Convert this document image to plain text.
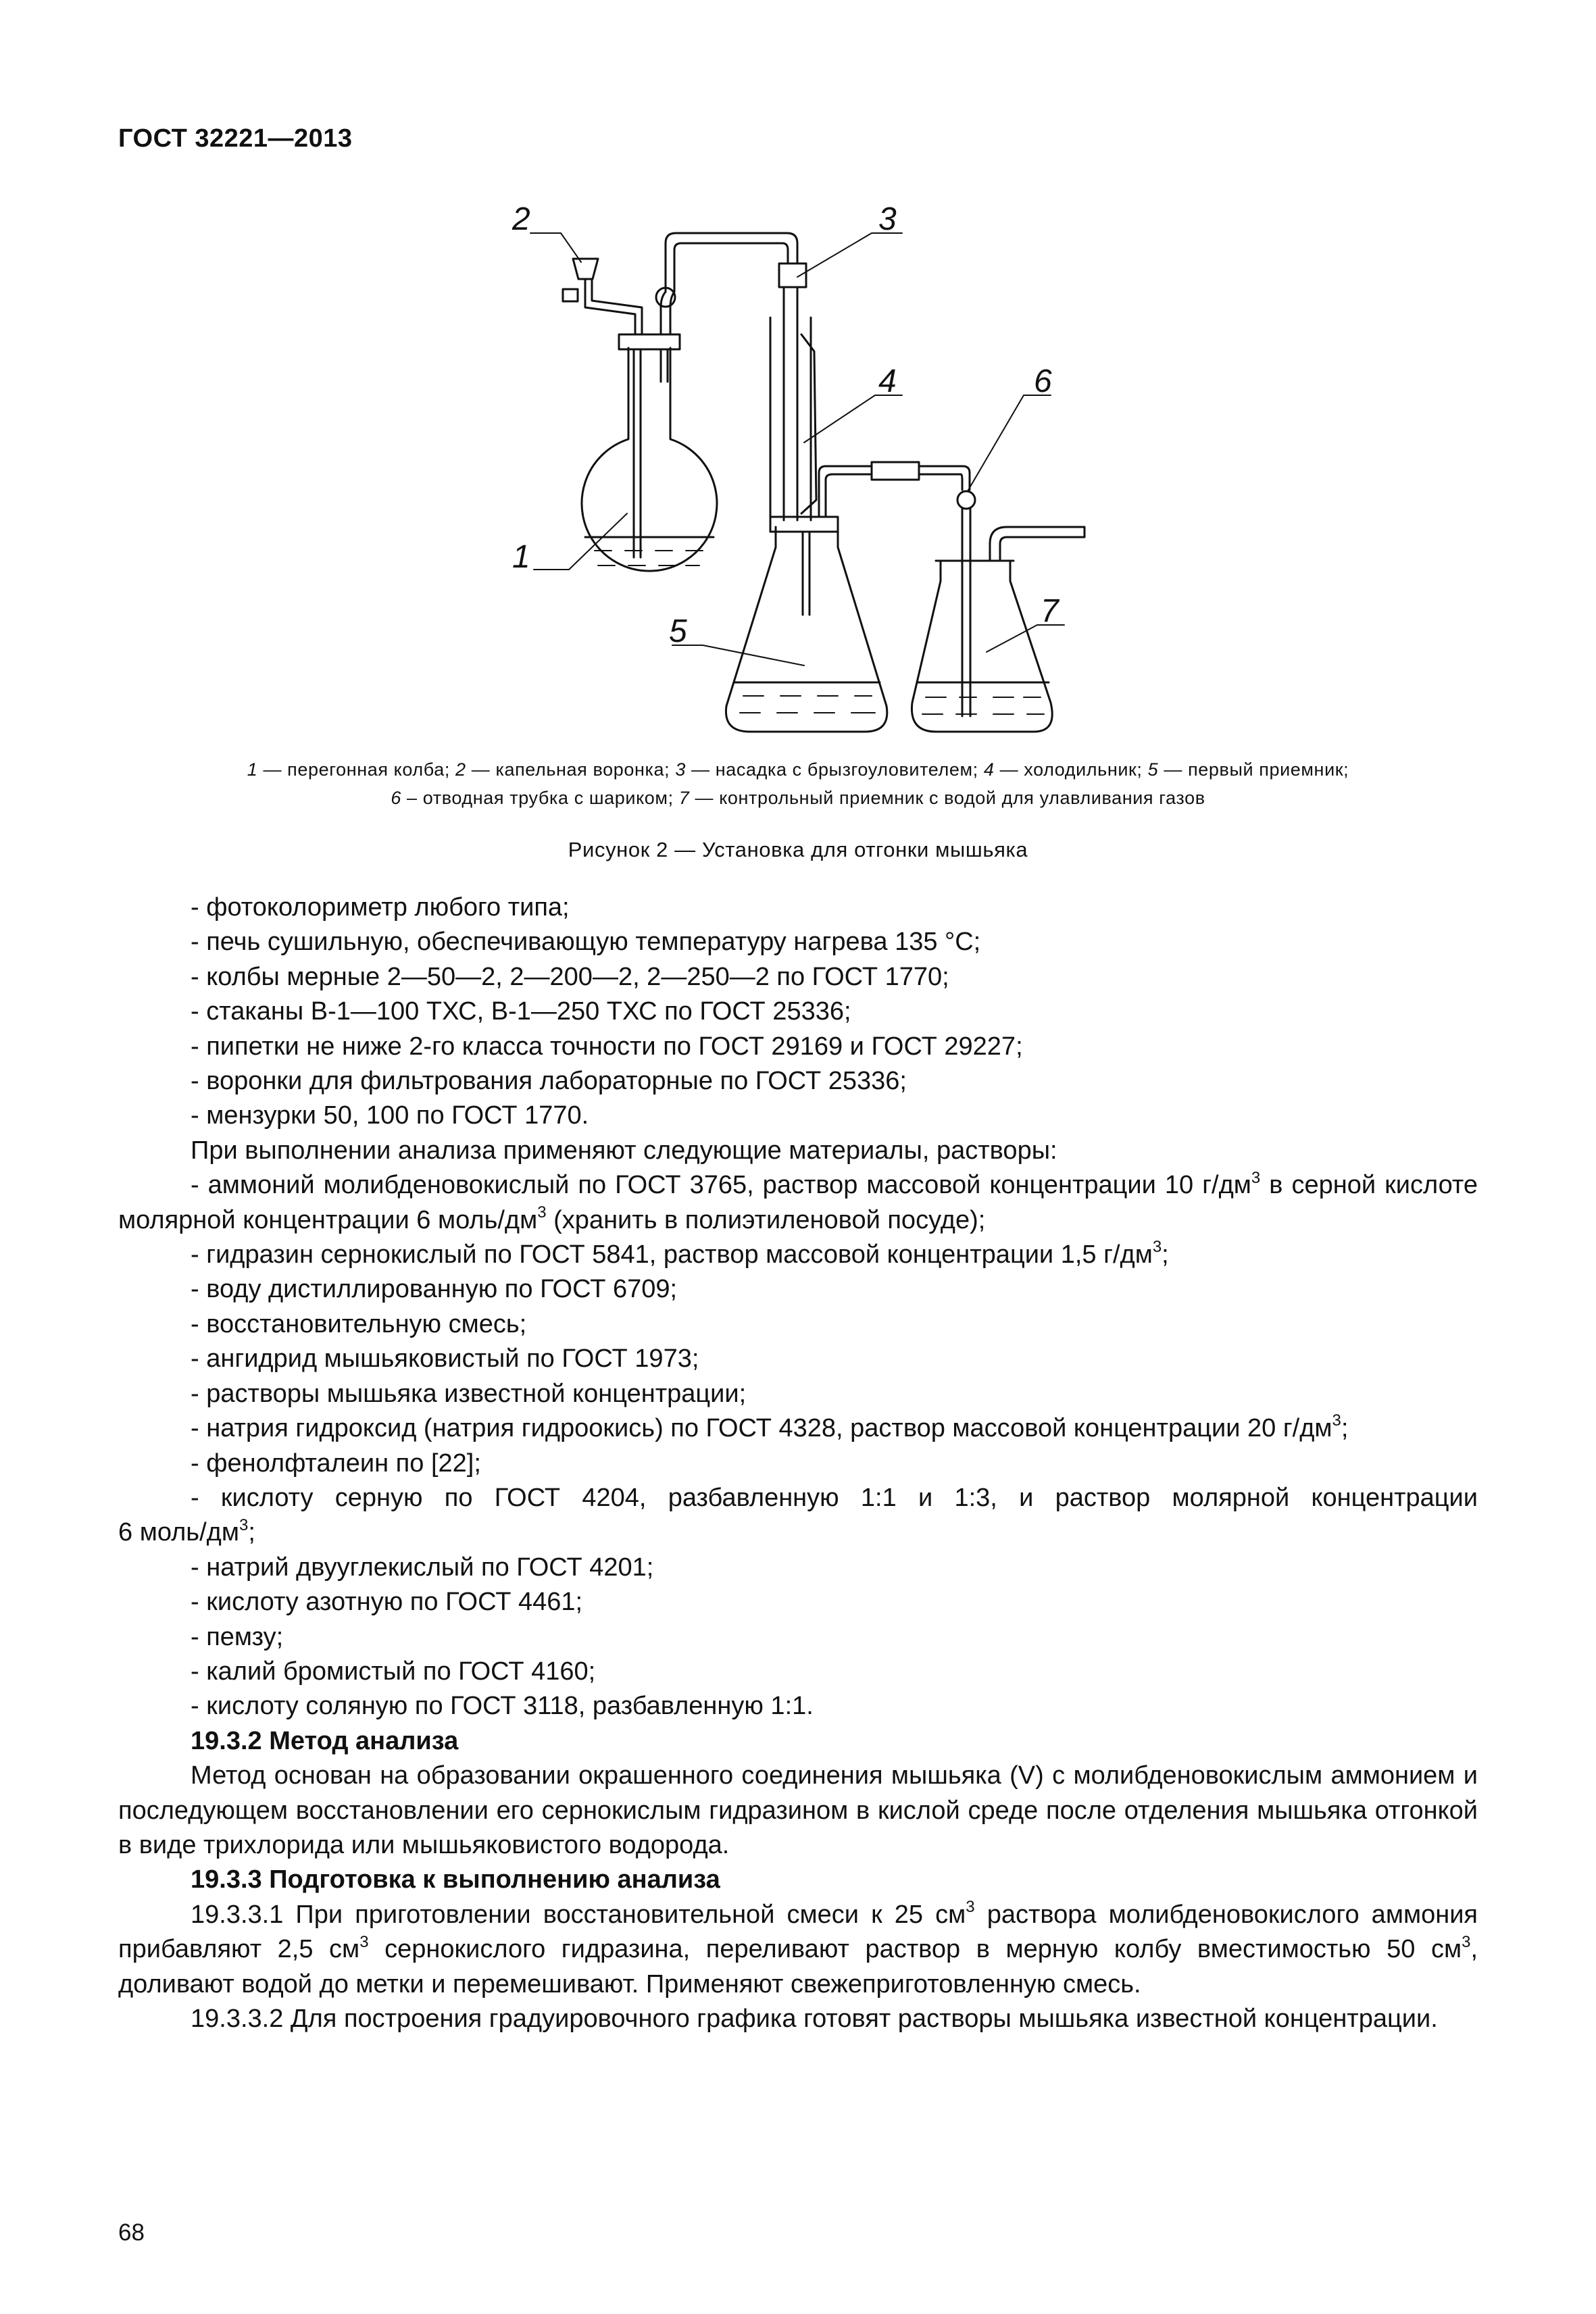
ГОСТ 32221—2013
1
2	3
4
5
6
7
1 — перегонная колба; 2 — капельная воронка; 3 — насадка с брызгоуловителем; 4 — холодильник; 5 — первый приемник;
6 – отводная трубка с шариком; 7 — контрольный приемник с водой для улавливания газов
Рисунок 2 — Установка для отгонки мышьяка

- фотоколориметр любого типа;

- печь сушильную, обеспечивающую температуру нагрева 135 °С;

- колбы мерные 2—50—2, 2—200—2, 2—250—2 по ГОСТ 1770;

- стаканы В-1—100 ТХС, В-1—250 ТХС по ГОСТ 25336;

- пипетки не ниже 2-го класса точности по ГОСТ 29169 и ГОСТ 29227;

- воронки для фильтрования лабораторные по ГОСТ 25336;

- мензурки 50, 100 по ГОСТ 1770.

При выполнении анализа применяют следующие материалы, растворы:

- аммоний молибденовокислый по ГОСТ 3765, раствор массовой концентрации 10 $г/дм^3$ в серной кислоте молярной концентрации 6 моль/$дм^3$ (хранить в полиэтиленовой посуде);

- гидразин сернокислый по ГОСТ 5841, раствор массовой концентрации 1,5 $г/дм^3$;

- воду дистиллированную по ГОСТ 6709;

- восстановительную смесь;

- ангидрид мышьяковистый по ГОСТ 1973;

- растворы мышьяка известной концентрации;

- натрия гидроксид (натрия гидроокись) по ГОСТ 4328, раствор массовой концентрации 20 $г/дм^3$;

- фенолфталеин по [22];

- кислоту серную по ГОСТ 4204, разбавленную 1:1 и 1:3, и раствор молярной концентрации

6 моль/$дм^3$;

- натрий двууглекислый по ГОСТ 4201;

- кислоту азотную по ГОСТ 4461;

- пемзу;

- калий бромистый по ГОСТ 4160;

- кислоту соляную по ГОСТ 3118, разбавленную 1:1.

19.3.2 Метод анализа

Метод основан на образовании окрашенного соединения мышьяка (V) с молибденовокислым аммонием и последующем восстановлении его сернокислым гидразином в кислой среде после отделения мышьяка отгонкой в виде трихлорида или мышьяковистого водорода.

19.3.3 Подготовка к выполнению анализа

19.3.3.1 При приготовлении восстановительной смеси к 25 $см^3$ раствора молибденовокислого аммония прибавляют 2,5 $см^3$ сернокислого гидразина, переливают раствор в мерную колбу вместимостью 50 $см^3$, доливают водой до метки и перемешивают. Применяют свежеприготовленную смесь.

19.3.3.2 Для построения градуировочного графика готовят растворы мышьяка известной концентрации.

68
